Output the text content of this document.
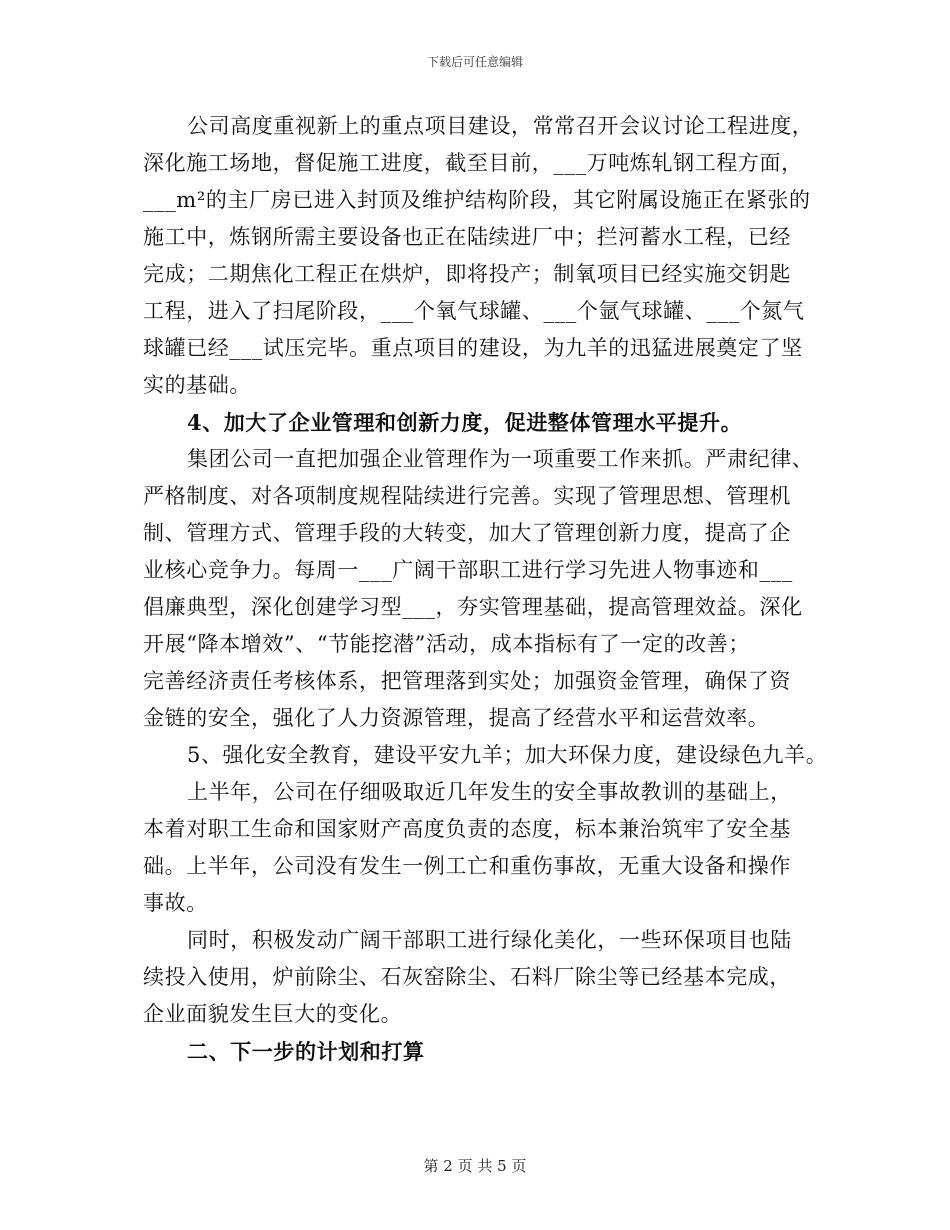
下载后可任意编辑
公司高度重视新上的重点项目建设，常常召开会议讨论工程进度，
深化施工场地，督促施工进度，截至目前，___万吨炼轧钢工程方面，
___m²的主厂房已进入封顶及维护结构阶段，其它附属设施正在紧张的
施工中，炼钢所需主要设备也正在陆续进厂中；拦河蓄水工程，已经
完成；二期焦化工程正在烘炉，即将投产；制氧项目已经实施交钥匙
工程，进入了扫尾阶段，___个氧气球罐、___个氩气球罐、___个氮气
球罐已经___试压完毕。重点项目的建设，为九羊的迅猛进展奠定了坚
实的基础。
4、加大了企业管理和创新力度，促进整体管理水平提升。
集团公司一直把加强企业管理作为一项重要工作来抓。严肃纪律、
严格制度、对各项制度规程陆续进行完善。实现了管理思想、管理机
制、管理方式、管理手段的大转变，加大了管理创新力度，提高了企
业核心竞争力。每周一___广阔干部职工进行学习先进人物事迹和___
倡廉典型，深化创建学习型___，夯实管理基础，提高管理效益。深化
开展“降本增效”、“节能挖潜”活动，成本指标有了一定的改善；
完善经济责任考核体系，把管理落到实处；加强资金管理，确保了资
金链的安全，强化了人力资源管理，提高了经营水平和运营效率。
5、强化安全教育，建设平安九羊；加大环保力度，建设绿色九羊。
上半年，公司在仔细吸取近几年发生的安全事故教训的基础上，
本着对职工生命和国家财产高度负责的态度，标本兼治筑牢了安全基
础。上半年，公司没有发生一例工亡和重伤事故，无重大设备和操作
事故。
同时，积极发动广阔干部职工进行绿化美化，一些环保项目也陆
续投入使用，炉前除尘、石灰窑除尘、石料厂除尘等已经基本完成，
企业面貌发生巨大的变化。
二、下一步的计划和打算
第 2 页 共 5 页
